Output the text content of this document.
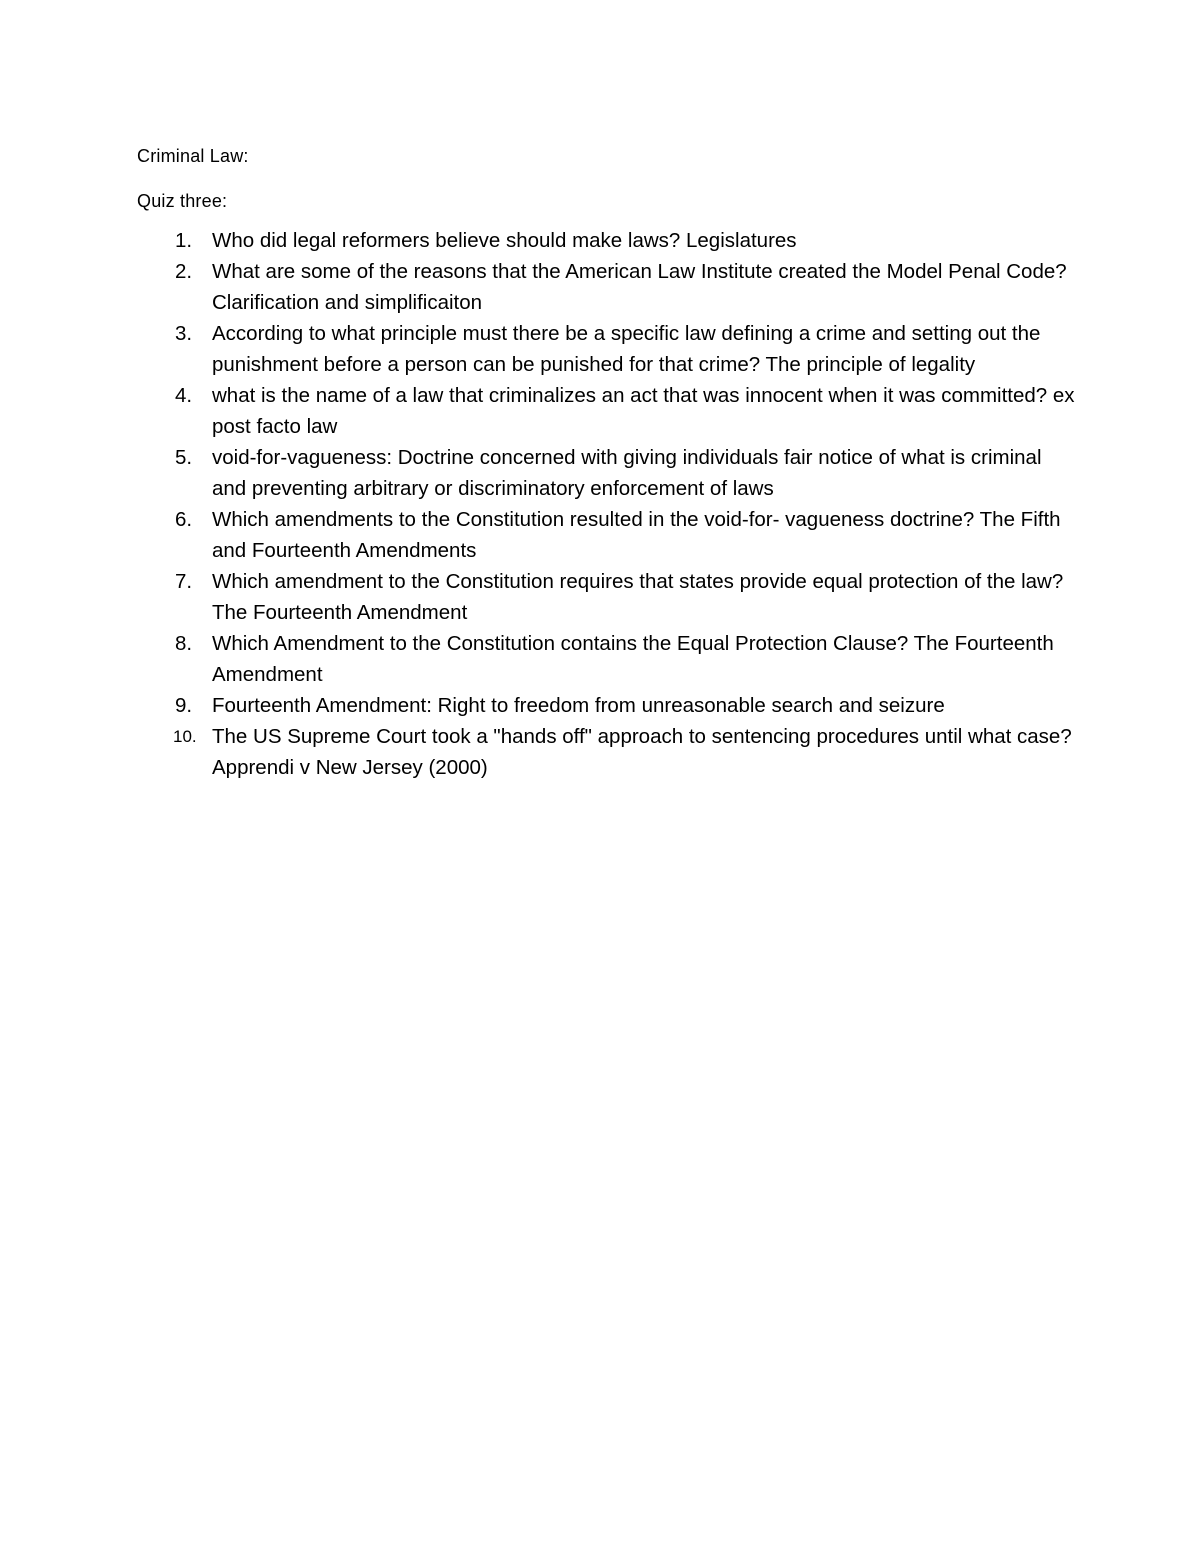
Criminal Law:

Quiz three:

1. Who did legal reformers believe should make laws? Legislatures
2. What are some of the reasons that the American Law Institute created the Model Penal Code? Clarification and simplificaiton
3. According to what principle must there be a specific law defining a crime and setting out the punishment before a person can be punished for that crime? The principle of legality
4. what is the name of a law that criminalizes an act that was innocent when it was committed? ex post facto law
5. void-for-vagueness: Doctrine concerned with giving individuals fair notice of what is criminal and preventing arbitrary or discriminatory enforcement of laws
6. Which amendments to the Constitution resulted in the void-for- vagueness doctrine? The Fifth and Fourteenth Amendments
7. Which amendment to the Constitution requires that states provide equal protection of the law? The Fourteenth Amendment
8. Which Amendment to the Constitution contains the Equal Protection Clause? The Fourteenth Amendment
9. Fourteenth Amendment: Right to freedom from unreasonable search and seizure
10. The US Supreme Court took a "hands off" approach to sentencing procedures until what case? Apprendi v New Jersey (2000)
